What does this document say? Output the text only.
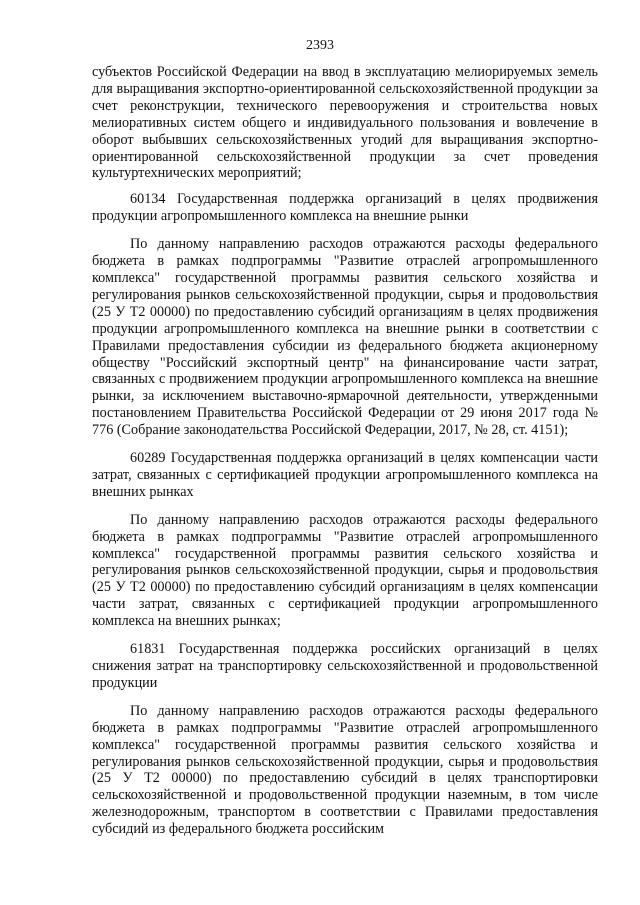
2393

субъектов Российской Федерации на ввод в эксплуатацию мелиорируемых земель для выращивания экспортно-ориентированной сельскохозяйственной продукции за счет реконструкции, технического перевооружения и строительства новых мелиоративных систем общего и индивидуального пользования и вовлечение в оборот выбывших сельскохозяйственных угодий для выращивания экспортно-ориентированной сельскохозяйственной продукции за счет проведения культуртехнических мероприятий;

60134 Государственная поддержка организаций в целях продвижения продукции агропромышленного комплекса на внешние рынки

По данному направлению расходов отражаются расходы федерального бюджета в рамках подпрограммы "Развитие отраслей агропромышленного комплекса" государственной программы развития сельского хозяйства и регулирования рынков сельскохозяйственной продукции, сырья и продовольствия (25 У Т2 00000) по предоставлению субсидий организациям в целях продвижения продукции агропромышленного комплекса на внешние рынки в соответствии с Правилами предоставления субсидии из федерального бюджета акционерному обществу "Российский экспортный центр" на финансирование части затрат, связанных с продвижением продукции агропромышленного комплекса на внешние рынки, за исключением выставочно-ярмарочной деятельности, утвержденными постановлением Правительства Российской Федерации от 29 июня 2017 года № 776 (Собрание законодательства Российской Федерации, 2017, № 28, ст. 4151);

60289 Государственная поддержка организаций в целях компенсации части затрат, связанных с сертификацией продукции агропромышленного комплекса на внешних рынках

По данному направлению расходов отражаются расходы федерального бюджета в рамках подпрограммы "Развитие отраслей агропромышленного комплекса" государственной программы развития сельского хозяйства и регулирования рынков сельскохозяйственной продукции, сырья и продовольствия (25 У Т2 00000) по предоставлению субсидий организациям в целях компенсации части затрат, связанных с сертификацией продукции агропромышленного комплекса на внешних рынках;

61831 Государственная поддержка российских организаций в целях снижения затрат на транспортировку сельскохозяйственной и продовольственной продукции

По данному направлению расходов отражаются расходы федерального бюджета в рамках подпрограммы "Развитие отраслей агропромышленного комплекса" государственной программы развития сельского хозяйства и регулирования рынков сельскохозяйственной продукции, сырья и продовольствия (25 У Т2 00000) по предоставлению субсидий в целях транспортировки сельскохозяйственной и продовольственной продукции наземным, в том числе железнодорожным, транспортом в соответствии с Правилами предоставления субсидий из федерального бюджета российским
